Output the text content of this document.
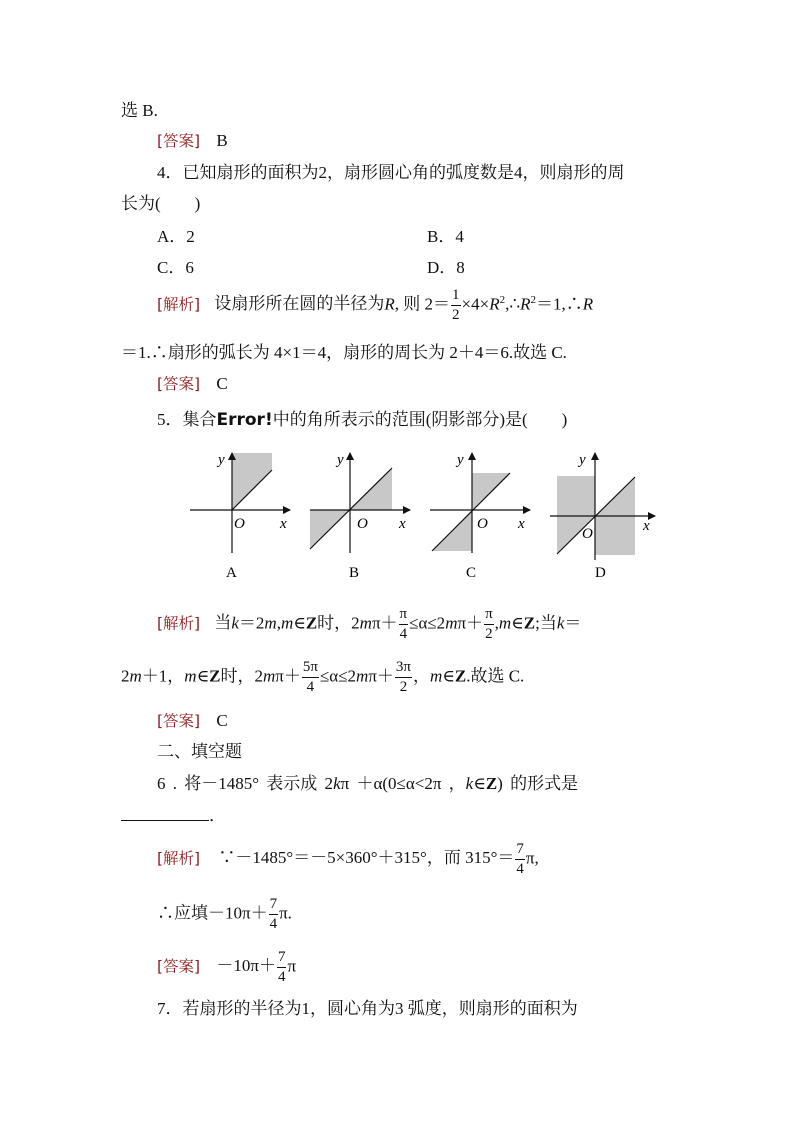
选 B.
[答案] B
4．已知扇形的面积为2，扇形圆心角的弧度数是4，则扇形的周
长为(　　)
A．2	B．4
C．6	D．8
[解析] 设扇形所在圆的半径为R, 则 $2= \frac{1}{2}$ $\times 4\times R^2,\therefore R^2=1,\therefore R$
＝1.∴扇形的弧长为 4×1＝4，扇形的周长为 2＋4＝6.故选 C.
[答案] C
5．集合Error!中的角所表示的范围(阴影部分)是(　　)
y
x
O
A
y
x
O
B
y
x
O
C
y
x
O
D
[解析] 当k＝2m,m∈Z时，$2m\pi+ \frac{\pi}{4} \le\alpha\le 2m\pi+ \frac{\pi}{2}$ ,m∈Z;当k＝
2m＋1，m∈Z时，$2m\pi+ \frac{5\pi}{4} \le\alpha\le 2m\pi+ \frac{3\pi}{2}$ ，m∈Z.故选 C.
[答案] C
二、填空题
6 . 将－1485° 表示成 2kπ ＋α(0≤α<2π ，k∈Z) 的形式是
．
[解析] ∵－1485°＝－5×360°＋315°，而 $315^\circ= \frac{7}{4} \pi$,
∴应填$-10\pi+ \frac{7}{4} \pi$.
[答案] $-10\pi+ \frac{7}{4}$ π
7．若扇形的半径为1，圆心角为3 弧度，则扇形的面积为
